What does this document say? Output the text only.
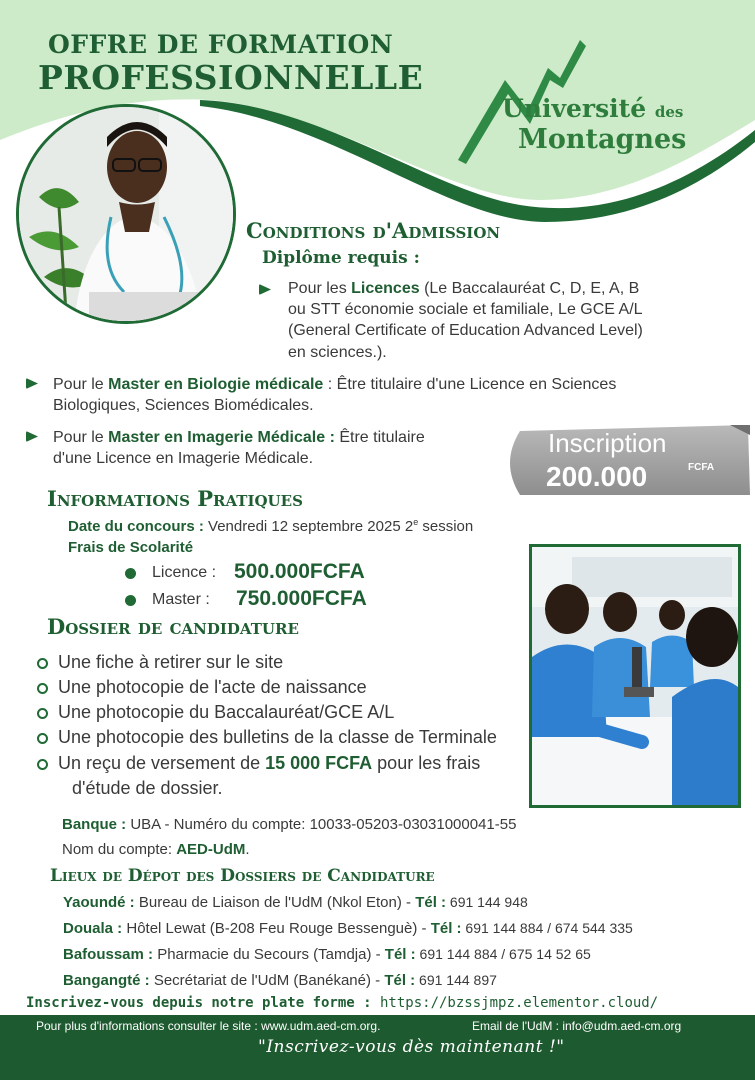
OFFRE DE FORMATION
PROFESSIONNELLE
Université des
Montagnes
Conditions d'Admission
Diplôme requis :
Pour les Licences (Le Baccalauréat C, D, E, A, B
ou STT économie sociale et familiale, Le GCE A/L
(General Certificate of Education Advanced Level)
en sciences.).
Pour le Master en Biologie médicale : Être titulaire d'une Licence en Sciences
Biologiques, Sciences Biomédicales.
Pour le Master en Imagerie Médicale : Être titulaire
d'une Licence en Imagerie Médicale.
Inscription
200.000	FCFA
Informations Pratiques
Date du concours : Vendredi 12 septembre 2025 2e session
Frais de Scolarité
Licence : 500.000FCFA
Master : 750.000FCFA
Dossier de candidature
Une fiche à retirer sur le site
Une photocopie de l'acte de naissance
Une photocopie du Baccalauréat/GCE A/L
Une photocopie des bulletins de la classe de Terminale
Un reçu de versement de 15 000 FCFA pour les frais
d'étude de dossier.
Banque : UBA - Numéro du compte: 10033-05203-03031000041-55
Nom du compte: AED-UdM.
Lieux de Dépot des Dossiers de Candidature
Yaoundé : Bureau de Liaison de l'UdM (Nkol Eton) - Tél : 691 144 948
Douala : Hôtel Lewat (B-208 Feu Rouge Bessenguè) - Tél : 691 144 884 / 674 544 335
Bafoussam : Pharmacie du Secours (Tamdja) - Tél : 691 144 884 / 675 14 52 65
Bangangté : Secrétariat de l'UdM (Banékané) - Tél : 691 144 897
Inscrivez-vous depuis notre plate forme : https://bzssjmpz.elementor.cloud/
Pour plus d'informations consulter le site : www.udm.aed-cm.org.	Email de l'UdM : info@udm.aed-cm.org
"Inscrivez-vous dès maintenant !"
